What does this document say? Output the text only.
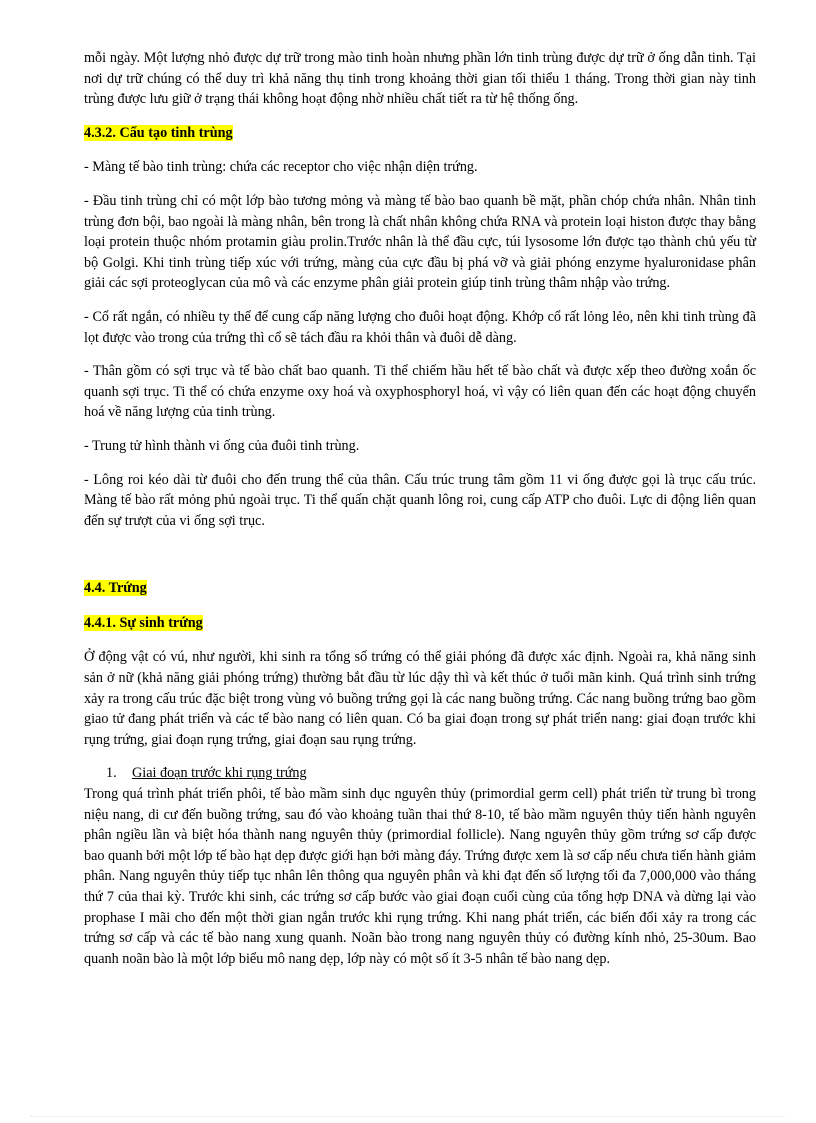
mỗi ngày. Một lượng nhỏ được dự trữ trong mào tinh hoàn nhưng phần lớn tinh trùng được dự trữ ở ống dẫn tinh. Tại nơi dự trữ chúng có thể duy trì khả năng thụ tinh trong khoảng thời gian tối thiểu 1 tháng. Trong thời gian này tinh trùng được lưu giữ ở trạng thái không hoạt động nhờ nhiều chất tiết ra từ hệ thống ống.

4.3.2. Cấu tạo tinh trùng

- Màng tế bào tinh trùng: chứa các receptor cho việc nhận diện trứng.

- Đầu tinh trùng chỉ có một lớp bào tương mỏng và màng tế bào bao quanh bề mặt, phần chóp chứa nhân. Nhân tinh trùng đơn bội, bao ngoài là màng nhân, bên trong là chất nhân không chứa RNA và protein loại histon được thay bằng loại protein thuộc nhóm protamin giàu prolin.Trước nhân là thể đầu cực, túi lysosome lớn được tạo thành chủ yếu từ bộ Golgi. Khi tinh trùng tiếp xúc với trứng, màng của cực đầu bị phá vỡ và giải phóng enzyme hyaluronidase phân giải các sợi proteoglycan của mô và các enzyme phân giải protein giúp tinh trùng thâm nhập vào trứng.

- Cổ rất ngắn, có nhiều ty thể để cung cấp năng lượng cho đuôi hoạt động. Khớp cổ rất lỏng lẻo, nên khi tinh trùng đã lọt được vào trong của trứng thì cổ sẽ tách đầu ra khỏi thân và đuôi dễ dàng.

- Thân gồm có sợi trục và tế bào chất bao quanh. Ti thể chiếm hầu hết tế bào chất và được xếp theo đường xoắn ốc quanh sợi trục. Ti thể có chứa enzyme oxy hoá và oxyphosphoryl hoá, vì vậy có liên quan đến các hoạt động chuyển hoá về năng lượng của tinh trùng.

- Trung tử hình thành vi ống của đuôi tinh trùng.

- Lông roi kéo dài từ đuôi cho đến trung thể của thân. Cấu trúc trung tâm gồm 11 vi ống được gọi là trục cấu trúc. Màng tế bào rất mỏng phủ ngoài trục. Ti thể quấn chặt quanh lông roi, cung cấp ATP cho đuôi. Lực di động liên quan đến sự trượt của vi ống sợi trục.

4.4. Trứng
4.4.1. Sự sinh trứng

Ở động vật có vú, như người, khi sinh ra tổng số trứng có thể giải phóng đã được xác định. Ngoài ra, khả năng sinh sản ở nữ (khả năng giải phóng trứng) thường bắt đầu từ lúc dậy thì và kết thúc ở tuổi mãn kinh. Quá trình sinh trứng xảy ra trong cấu trúc đặc biệt trong vùng vỏ buồng trứng gọi là các nang buồng trứng. Các nang buồng trứng bao gồm giao tử đang phát triển và các tế bào nang có liên quan. Có ba giai đoạn trong sự phát triển nang: giai đoạn trước khi rụng trứng, giai đoạn rụng trứng, giai đoạn sau rụng trứng.

1. Giai đoạn trước khi rụng trứng

Trong quá trình phát triển phôi, tế bào mầm sinh dục nguyên thủy (primordial germ cell) phát triển từ trung bì trong niệu nang, di cư đến buồng trứng, sau đó vào khoảng tuần thai thứ 8-10, tế bào mầm nguyên thủy tiến hành nguyên phân ngiều lần và biệt hóa thành nang nguyên thủy (primordial follicle). Nang nguyên thủy gồm trứng sơ cấp được bao quanh bởi một lớp tế bào hạt dẹp được giới hạn bởi màng đáy. Trứng được xem là sơ cấp nếu chưa tiến hành giảm phân. Nang nguyên thủy tiếp tục nhân lên thông qua nguyên phân và khi đạt đến số lượng tối đa 7,000,000 vào tháng thứ 7 của thai kỳ. Trước khi sinh, các trứng sơ cấp bước vào giai đoạn cuối cùng của tổng hợp DNA và dừng lại vào prophase I mãi cho đến một thời gian ngắn trước khi rụng trứng. Khi nang phát triển, các biến đổi xảy ra trong các trứng sơ cấp và các tế bào nang xung quanh. Noãn bào trong nang nguyên thủy có đường kính nhỏ, 25-30um. Bao quanh noãn bào là một lớp biểu mô nang dẹp, lớp này có một số ít 3-5 nhân tế bào nang dẹp.
